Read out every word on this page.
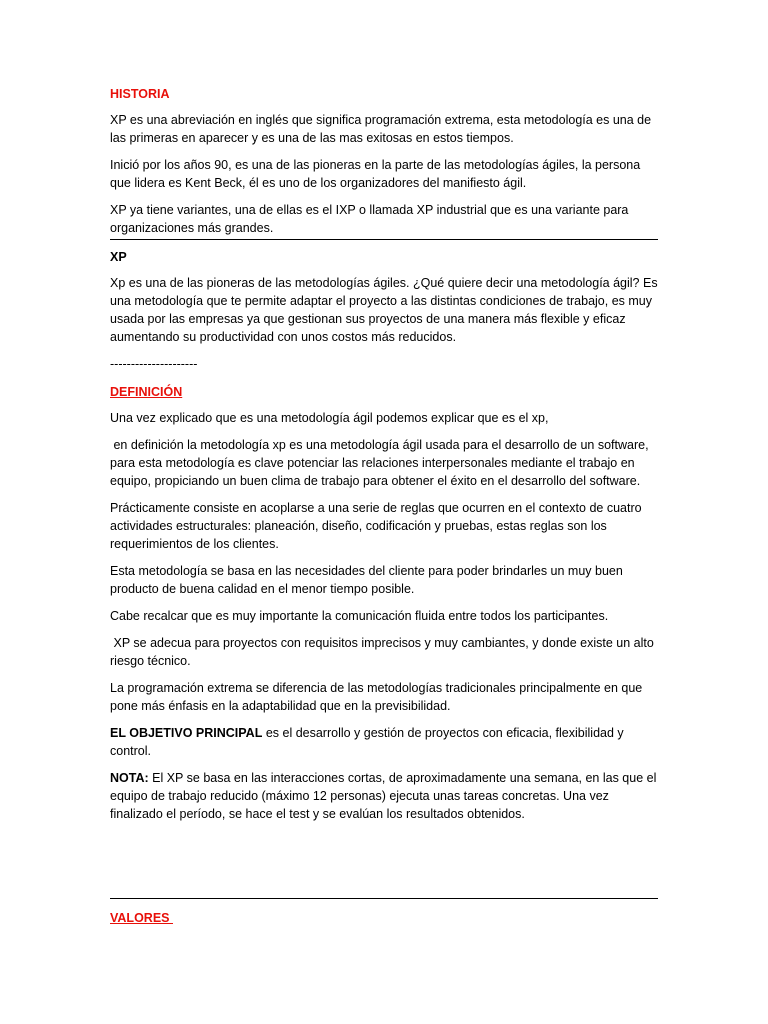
HISTORIA

XP es una abreviación en inglés que significa programación extrema, esta metodología es una de las primeras en aparecer y es una de las mas exitosas en estos tiempos.

Inició por los años 90, es una de las pioneras en la parte de las metodologías ágiles, la persona que lidera es Kent Beck, él es uno de los organizadores del manifiesto ágil.

XP ya tiene variantes, una de ellas es el IXP o llamada XP industrial que es una variante para organizaciones más grandes.

XP

Xp es una de las pioneras de las metodologías ágiles. ¿Qué quiere decir una metodología ágil? Es una metodología que te permite adaptar el proyecto a las distintas condiciones de trabajo, es muy usada por las empresas ya que gestionan sus proyectos de una manera más flexible y eficaz aumentando su productividad con unos costos más reducidos.

---------------------
DEFINICIÓN

Una vez explicado que es una metodología ágil podemos explicar que es el xp,

en definición la metodología xp es una metodología ágil usada para el desarrollo de un software, para esta metodología es clave potenciar las relaciones interpersonales mediante el trabajo en equipo, propiciando un buen clima de trabajo para obtener el éxito en el desarrollo del software.

Prácticamente consiste en acoplarse a una serie de reglas que ocurren en el contexto de cuatro actividades estructurales: planeación, diseño, codificación y pruebas, estas reglas son los requerimientos de los clientes.

Esta metodología se basa en las necesidades del cliente para poder brindarles un muy buen producto de buena calidad en el menor tiempo posible.

Cabe recalcar que es muy importante la comunicación fluida entre todos los participantes.

XP se adecua para proyectos con requisitos imprecisos y muy cambiantes, y donde existe un alto riesgo técnico.

La programación extrema se diferencia de las metodologías tradicionales principalmente en que pone más énfasis en la adaptabilidad que en la previsibilidad.

EL OBJETIVO PRINCIPAL es el desarrollo y gestión de proyectos con eficacia, flexibilidad y control.

NOTA: El XP se basa en las interacciones cortas, de aproximadamente una semana, en las que el equipo de trabajo reducido (máximo 12 personas) ejecuta unas tareas concretas. Una vez finalizado el período, se hace el test y se evalúan los resultados obtenidos.

VALORES
